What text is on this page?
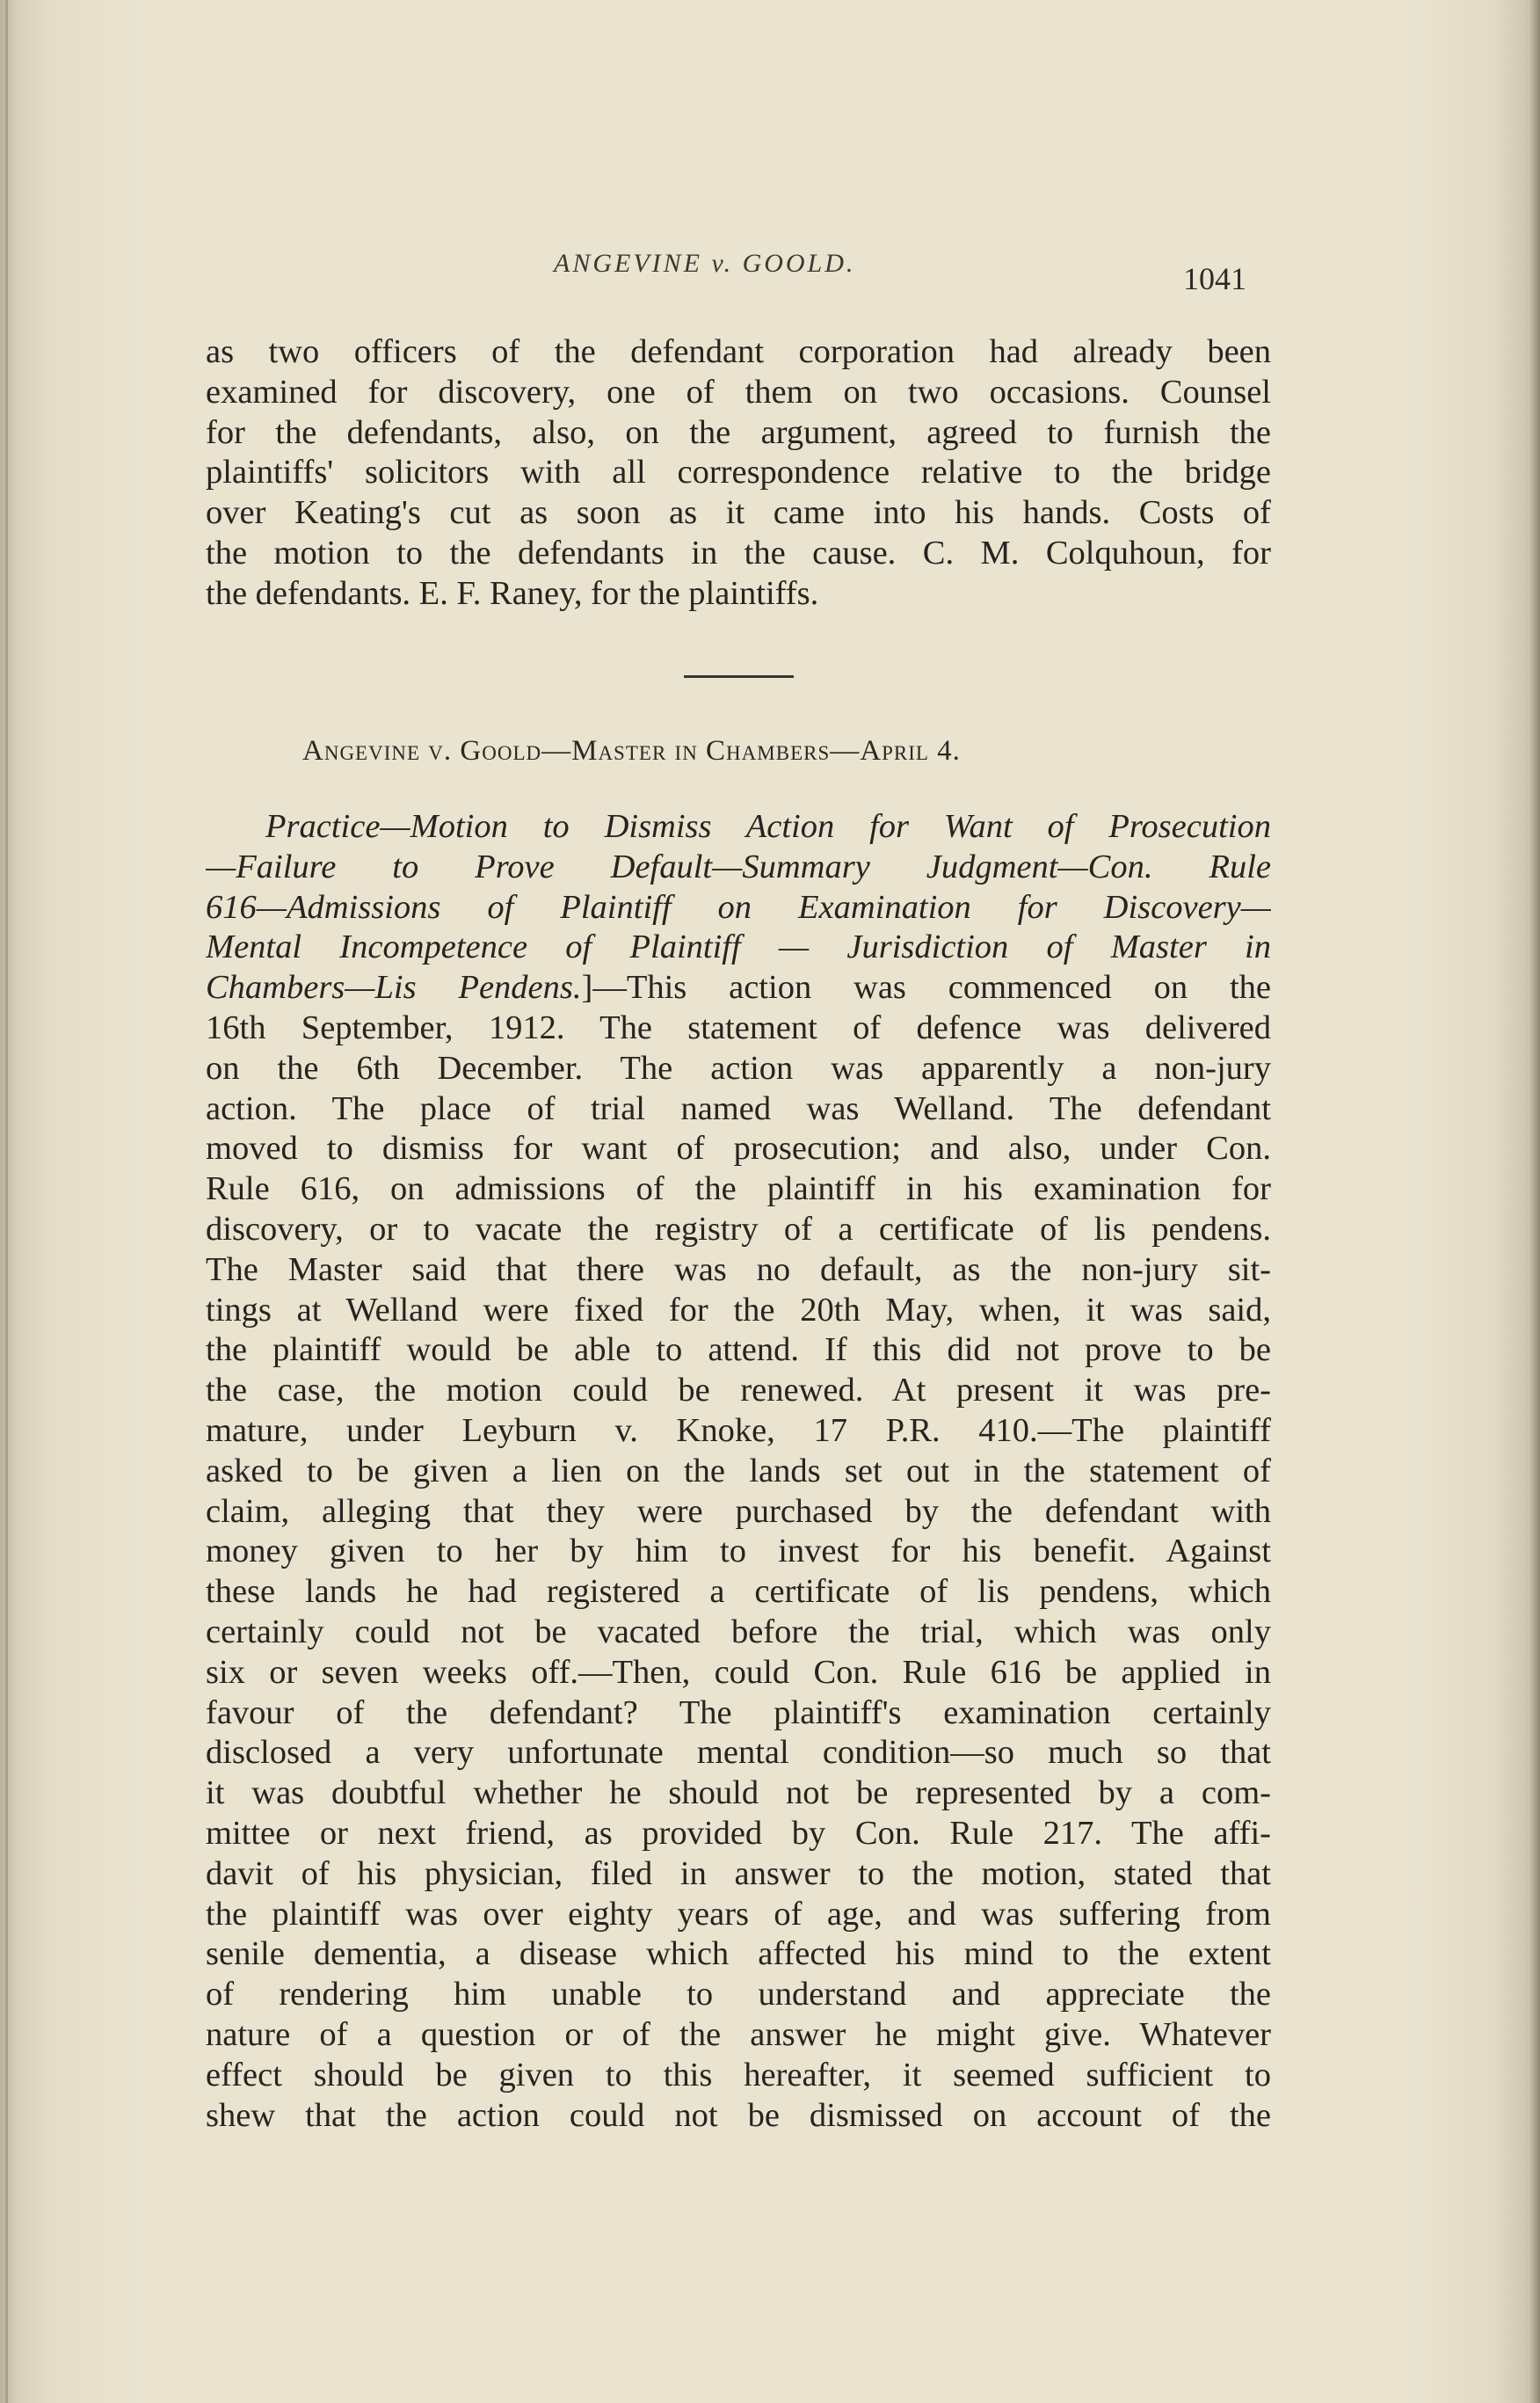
ANGEVINE v. GOOLD.	1041
as two officers of the defendant corporation had already been
examined for discovery, one of them on two occasions. Counsel
for the defendants, also, on the argument, agreed to furnish the
plaintiffs' solicitors with all correspondence relative to the bridge
over Keating's cut as soon as it came into his hands. Costs of
the motion to the defendants in the cause. C. M. Colquhoun, for
the defendants. E. F. Raney, for the plaintiffs.
Angevine v. Goold—Master in Chambers—April 4.
Practice—Motion to Dismiss Action for Want of Prosecution
—Failure to Prove Default—Summary Judgment—Con. Rule
616—Admissions of Plaintiff on Examination for Discovery—
Mental Incompetence of Plaintiff — Jurisdiction of Master in
Chambers—Lis Pendens.]—This action was commenced on the
16th September, 1912. The statement of defence was delivered
on the 6th December. The action was apparently a non-jury
action. The place of trial named was Welland. The defendant
moved to dismiss for want of prosecution; and also, under Con.
Rule 616, on admissions of the plaintiff in his examination for
discovery, or to vacate the registry of a certificate of lis pendens.
The Master said that there was no default, as the non-jury sit-
tings at Welland were fixed for the 20th May, when, it was said,
the plaintiff would be able to attend. If this did not prove to be
the case, the motion could be renewed. At present it was pre-
mature, under Leyburn v. Knoke, 17 P.R. 410.—The plaintiff
asked to be given a lien on the lands set out in the statement of
claim, alleging that they were purchased by the defendant with
money given to her by him to invest for his benefit. Against
these lands he had registered a certificate of lis pendens, which
certainly could not be vacated before the trial, which was only
six or seven weeks off.—Then, could Con. Rule 616 be applied in
favour of the defendant? The plaintiff's examination certainly
disclosed a very unfortunate mental condition—so much so that
it was doubtful whether he should not be represented by a com-
mittee or next friend, as provided by Con. Rule 217. The affi-
davit of his physician, filed in answer to the motion, stated that
the plaintiff was over eighty years of age, and was suffering from
senile dementia, a disease which affected his mind to the extent
of rendering him unable to understand and appreciate the
nature of a question or of the answer he might give. Whatever
effect should be given to this hereafter, it seemed sufficient to
shew that the action could not be dismissed on account of the
